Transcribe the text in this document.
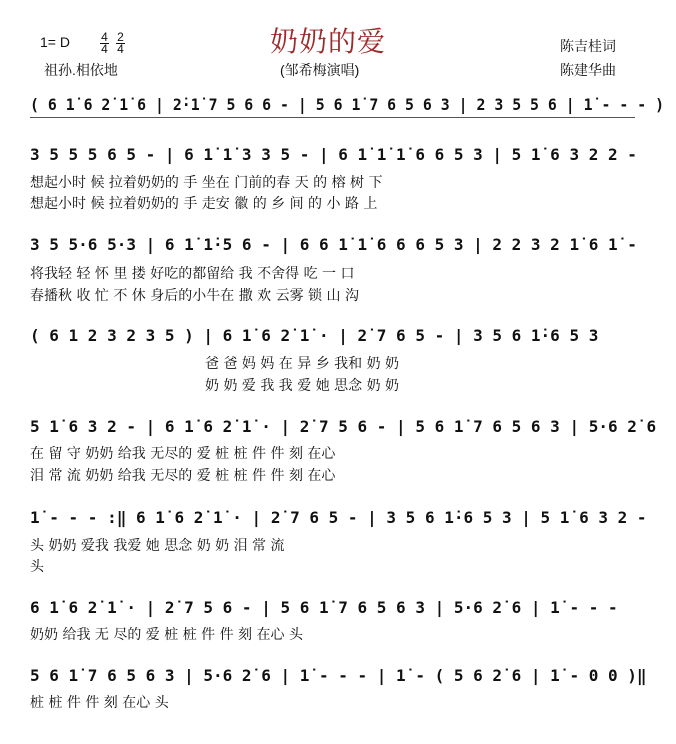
1= D	4
4
2
4	奶奶的爱
祖孙.相依地	(邹希梅演唱)
陈吉桂词
陈建华曲
( 6 1̇ 6 2̇ 1̇ 6 | 2̇·1̇ 7 5 6 6 - | 5 6 1̇ 7 6 5 6 3 | 2 3 5 5 6 | 1̇ - - - )
3 5 5 5 6 5 - | 6 1̇ 1̇ 3 3 5 - | 6 1̇ 1̇ 1̇ 6 6 5 3 | 5 1̇ 6 3 2 2 -
想起小时 候 拉着奶奶的 手 坐在 门前的春 天 的 榕 树 下
想起小时 候 拉着奶奶的 手 走安 徽 的 乡 间 的 小 路 上
3 5 5·6 5·3 | 6 1̇ 1̇·5 6 - | 6 6 1̇ 1̇ 6 6 6 5 3 | 2 2 3 2 1̇ 6 1̇ -
将我轻 轻 怀 里 搂 好吃的都留给 我 不舍得 吃 一 口
春播秋 收 忙 不 休 身后的小牛在 撒 欢 云雾 锁 山 沟
( 6 1 2 3 2 3 5 ) | 6 1̇ 6 2̇ 1̇ · | 2̇ 7 6 5 - | 3 5 6 1̇·6 5 3
爸 爸 妈 妈 在 异 乡 我和 奶 奶
奶 奶 爱 我 我 爱 她 思念 奶 奶
5 1̇ 6 3 2 - | 6 1̇ 6 2̇ 1̇ · | 2̇ 7 5 6 - | 5 6 1̇ 7 6 5 6 3 | 5·6 2̇ 6
在 留 守 奶奶 给我 无尽的 爱 桩 桩 件 件 刻 在心
泪 常 流 奶奶 给我 无尽的 爱 桩 桩 件 件 刻 在心
1̇ - - - :‖ 6 1̇ 6 2̇ 1̇ · | 2̇ 7 6 5 - | 3 5 6 1̇·6 5 3 | 5 1̇ 6 3 2 -
头 奶奶 爱我 我爱 她 思念 奶 奶 泪 常 流
头
6 1̇ 6 2̇ 1̇ · | 2̇ 7 5 6 - | 5 6 1̇ 7 6 5 6 3 | 5·6 2̇ 6 | 1̇ - - -
奶奶 给我 无 尽的 爱 桩 桩 件 件 刻 在心 头
5 6 1̇ 7 6 5 6 3 | 5·6 2̇ 6 | 1̇ - - - | 1̇ - ( 5 6 2̇ 6 | 1̇ - 0 0 )‖
桩 桩 件 件 刻 在心 头
